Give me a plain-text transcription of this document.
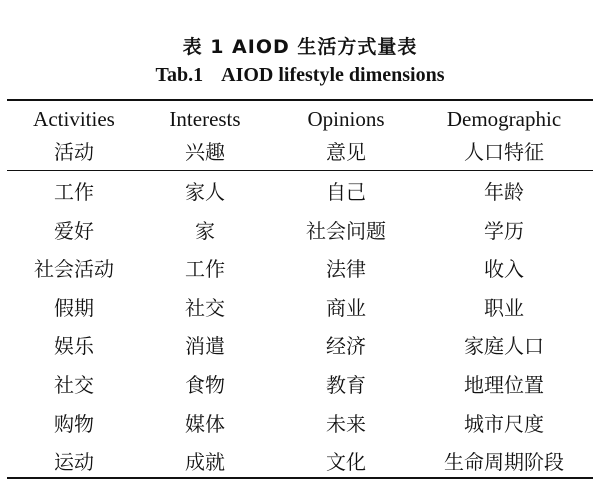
表 1 AIOD 生活方式量表
Tab.1 AIOD lifestyle dimensions
Activities	Interests	Opinions	Demographic
活动	兴趣	意见	人口特征
工作	家人	自己	年龄
爱好	家	社会问题	学历
社会活动	工作	法律	收入
假期	社交	商业	职业
娱乐	消遣	经济	家庭人口
社交	食物	教育	地理位置
购物	媒体	未来	城市尺度
运动	成就	文化	生命周期阶段
